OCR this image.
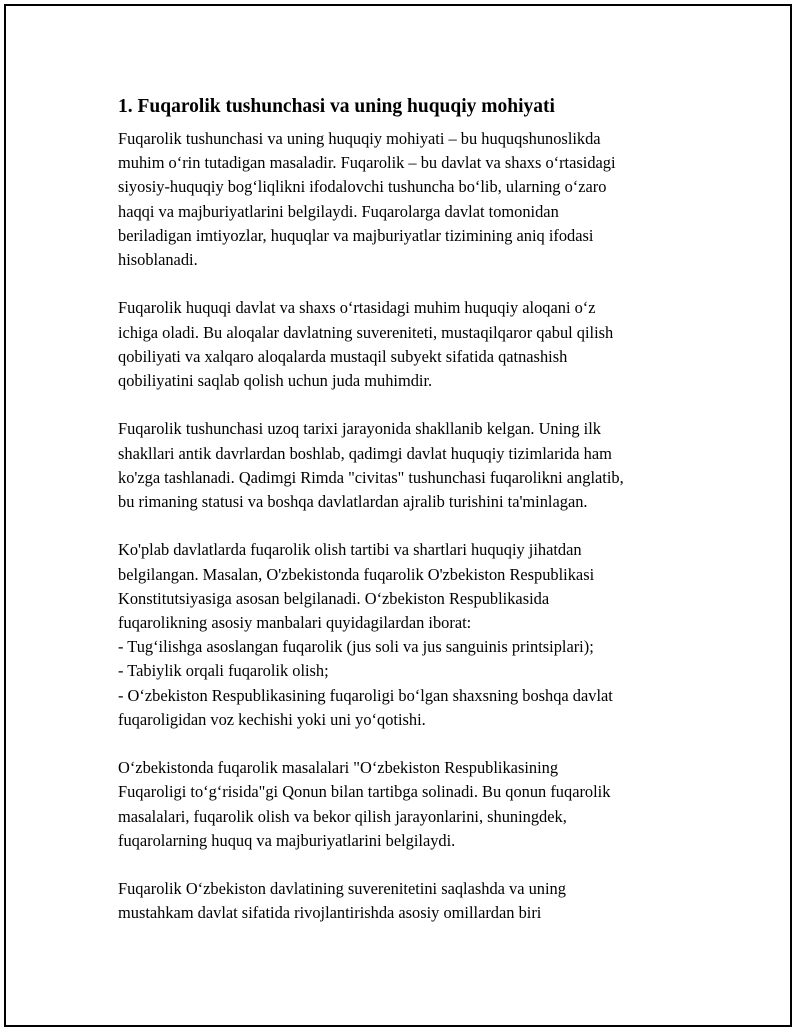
1. Fuqarolik tushunchasi va uning huquqiy mohiyati

Fuqarolik tushunchasi va uning huquqiy mohiyati – bu huquqshunoslikda
muhim oʻrin tutadigan masaladir. Fuqarolik – bu davlat va shaxs oʻrtasidagi
siyosiy-huquqiy bogʻliqlikni ifodalovchi tushuncha boʻlib, ularning oʻzaro
haqqi va majburiyatlarini belgilaydi. Fuqarolarga davlat tomonidan
beriladigan imtiyozlar, huquqlar va majburiyatlar tizimining aniq ifodasi
hisoblanadi.

Fuqarolik huquqi davlat va shaxs oʻrtasidagi muhim huquqiy aloqani oʻz
ichiga oladi. Bu aloqalar davlatning suvereniteti, mustaqilqaror qabul qilish
qobiliyati va xalqaro aloqalarda mustaqil subyekt sifatida qatnashish
qobiliyatini saqlab qolish uchun juda muhimdir.

Fuqarolik tushunchasi uzoq tarixi jarayonida shakllanib kelgan. Uning ilk
shakllari antik davrlardan boshlab, qadimgi davlat huquqiy tizimlarida ham
ko'zga tashlanadi. Qadimgi Rimda "civitas" tushunchasi fuqarolikni anglatib,
bu rimaning statusi va boshqa davlatlardan ajralib turishini ta'minlagan.

Ko'plab davlatlarda fuqarolik olish tartibi va shartlari huquqiy jihatdan
belgilangan. Masalan, O'zbekistonda fuqarolik O'zbekiston Respublikasi
Konstitutsiyasiga asosan belgilanadi. Oʻzbekiston Respublikasida
fuqarolikning asosiy manbalari quyidagilardan iborat:
- Tugʻilishga asoslangan fuqarolik (jus soli va jus sanguinis printsiplari);
- Tabiylik orqali fuqarolik olish;
- Oʻzbekiston Respublikasining fuqaroligi boʻlgan shaxsning boshqa davlat
fuqaroligidan voz kechishi yoki uni yoʻqotishi.

Oʻzbekistonda fuqarolik masalalari "Oʻzbekiston Respublikasining
Fuqaroligi toʻgʻrisida"gi Qonun bilan tartibga solinadi. Bu qonun fuqarolik
masalalari, fuqarolik olish va bekor qilish jarayonlarini, shuningdek,
fuqarolarning huquq va majburiyatlarini belgilaydi.

Fuqarolik Oʻzbekiston davlatining suverenitetini saqlashda va uning
mustahkam davlat sifatida rivojlantirishda asosiy omillardan biri
